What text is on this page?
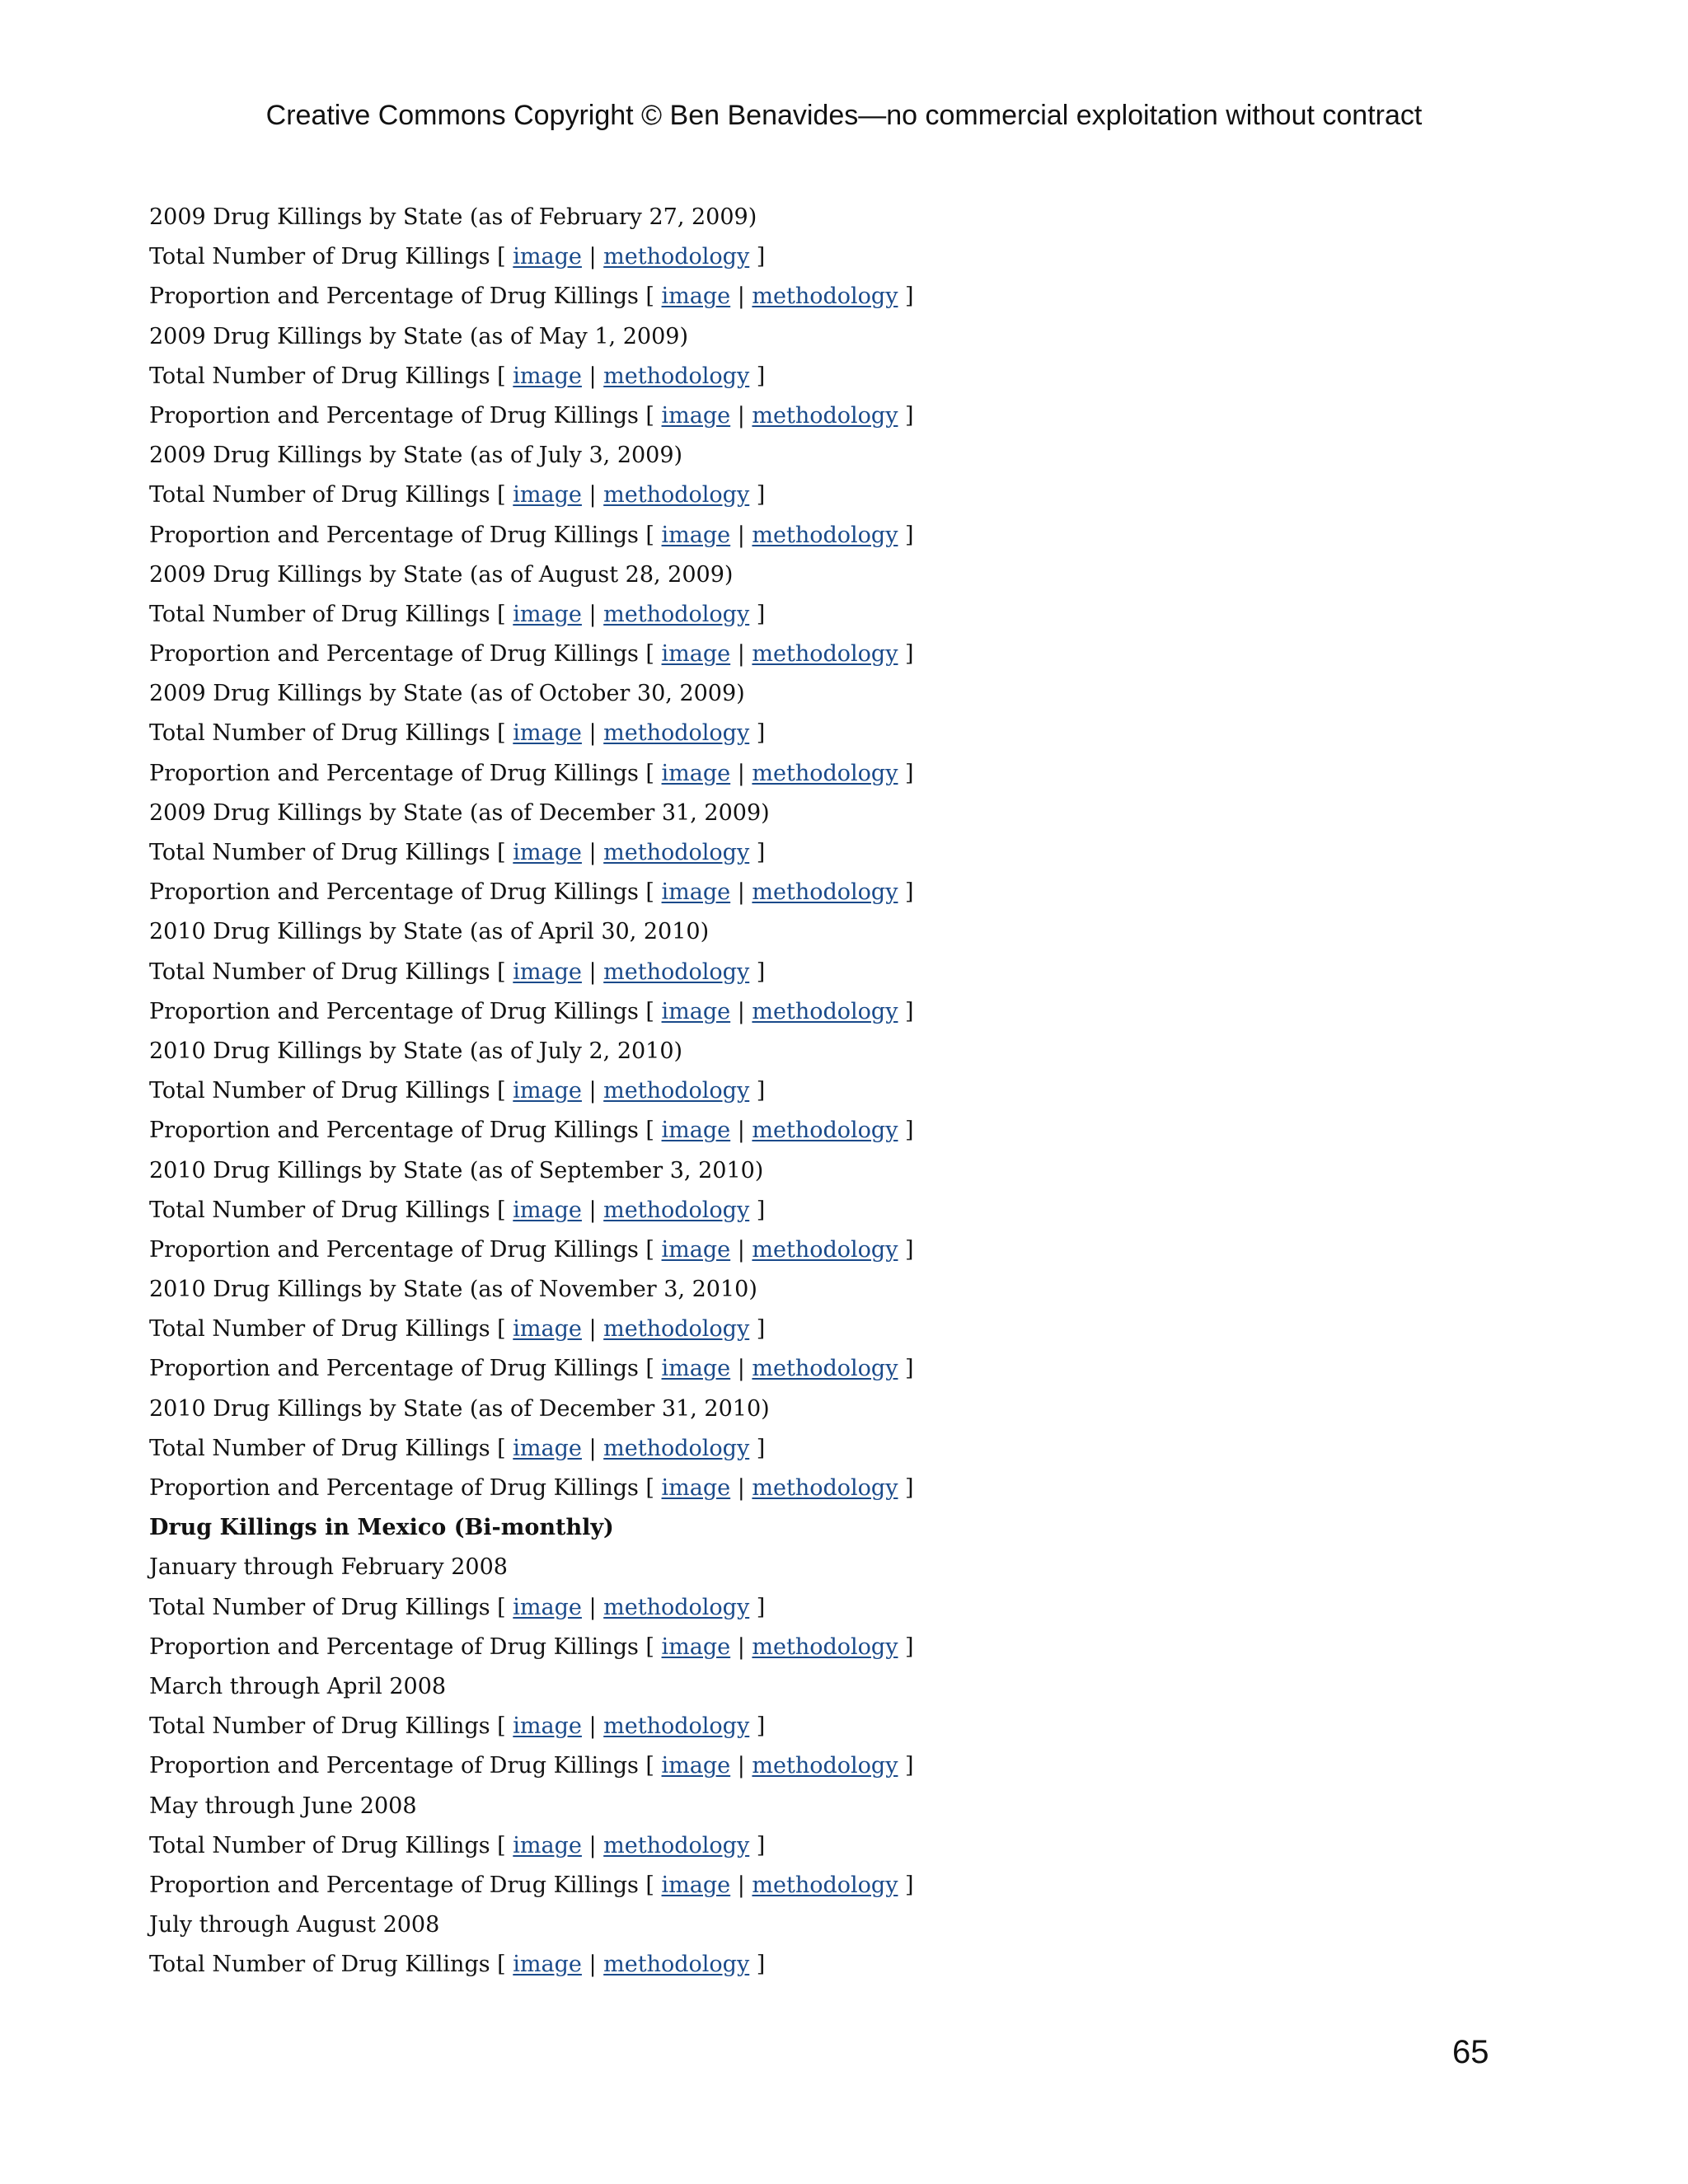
Creative Commons Copyright © Ben Benavides—no commercial exploitation without contract
2009 Drug Killings by State (as of February 27, 2009)
Total Number of Drug Killings [ image | methodology ]
Proportion and Percentage of Drug Killings [ image | methodology ]
2009 Drug Killings by State (as of May 1, 2009)
Total Number of Drug Killings [ image | methodology ]
Proportion and Percentage of Drug Killings [ image | methodology ]
2009 Drug Killings by State (as of July 3, 2009)
Total Number of Drug Killings [ image | methodology ]
Proportion and Percentage of Drug Killings [ image | methodology ]
2009 Drug Killings by State (as of August 28, 2009)
Total Number of Drug Killings [ image | methodology ]
Proportion and Percentage of Drug Killings [ image | methodology ]
2009 Drug Killings by State (as of October 30, 2009)
Total Number of Drug Killings [ image | methodology ]
Proportion and Percentage of Drug Killings [ image | methodology ]
2009 Drug Killings by State (as of December 31, 2009)
Total Number of Drug Killings [ image | methodology ]
Proportion and Percentage of Drug Killings [ image | methodology ]
2010 Drug Killings by State (as of April 30, 2010)
Total Number of Drug Killings [ image | methodology ]
Proportion and Percentage of Drug Killings [ image | methodology ]
2010 Drug Killings by State (as of July 2, 2010)
Total Number of Drug Killings [ image | methodology ]
Proportion and Percentage of Drug Killings [ image | methodology ]
2010 Drug Killings by State (as of September 3, 2010)
Total Number of Drug Killings [ image | methodology ]
Proportion and Percentage of Drug Killings [ image | methodology ]
2010 Drug Killings by State (as of November 3, 2010)
Total Number of Drug Killings [ image | methodology ]
Proportion and Percentage of Drug Killings [ image | methodology ]
2010 Drug Killings by State (as of December 31, 2010)
Total Number of Drug Killings [ image | methodology ]
Proportion and Percentage of Drug Killings [ image | methodology ]
Drug Killings in Mexico (Bi-monthly)
January through February 2008
Total Number of Drug Killings [ image | methodology ]
Proportion and Percentage of Drug Killings [ image | methodology ]
March through April 2008
Total Number of Drug Killings [ image | methodology ]
Proportion and Percentage of Drug Killings [ image | methodology ]
May through June 2008
Total Number of Drug Killings [ image | methodology ]
Proportion and Percentage of Drug Killings [ image | methodology ]
July through August 2008
Total Number of Drug Killings [ image | methodology ]
65
